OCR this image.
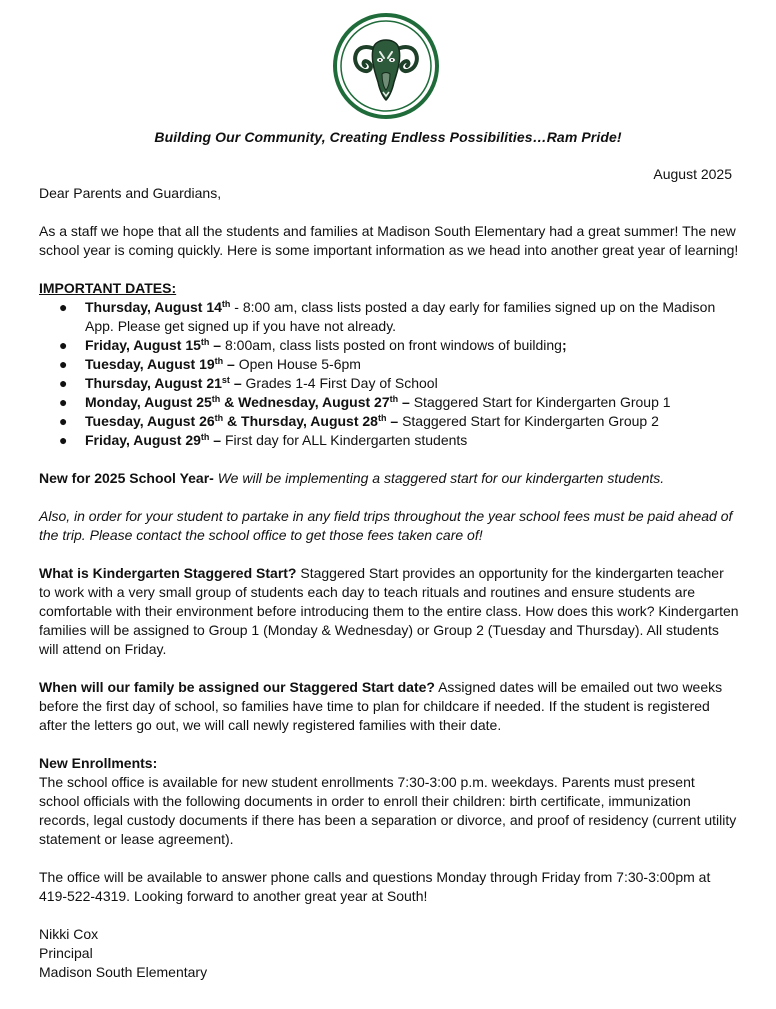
Building Our Community, Creating Endless Possibilities…Ram Pride!
August 2025

Dear Parents and Guardians,

As a staff we hope that all the students and families at Madison South Elementary had a great summer! The new school year is coming quickly. Here is some important information as we head into another great year of learning!

IMPORTANT DATES:

● Thursday, August 14th - 8:00 am, class lists posted a day early for families signed up on the Madison App. Please get signed up if you have not already.
● Friday, August 15th – 8:00am, class lists posted on front windows of building;
● Tuesday, August 19th – Open House 5-6pm
● Thursday, August 21st – Grades 1-4 First Day of School
● Monday, August 25th & Wednesday, August 27th – Staggered Start for Kindergarten Group 1
● Tuesday, August 26th & Thursday, August 28th – Staggered Start for Kindergarten Group 2
● Friday, August 29th – First day for ALL Kindergarten students

New for 2025 School Year- We will be implementing a staggered start for our kindergarten students.

Also, in order for your student to partake in any field trips throughout the year school fees must be paid ahead of the trip. Please contact the school office to get those fees taken care of!

What is Kindergarten Staggered Start? Staggered Start provides an opportunity for the kindergarten teacher to work with a very small group of students each day to teach rituals and routines and ensure students are comfortable with their environment before introducing them to the entire class. How does this work? Kindergarten families will be assigned to Group 1 (Monday & Wednesday) or Group 2 (Tuesday and Thursday). All students will attend on Friday.

When will our family be assigned our Staggered Start date? Assigned dates will be emailed out two weeks before the first day of school, so families have time to plan for childcare if needed. If the student is registered after the letters go out, we will call newly registered families with their date.

New Enrollments:

The school office is available for new student enrollments 7:30-3:00 p.m. weekdays. Parents must present school officials with the following documents in order to enroll their children: birth certificate, immunization records, legal custody documents if there has been a separation or divorce, and proof of residency (current utility statement or lease agreement).

The office will be available to answer phone calls and questions Monday through Friday from 7:30-3:00pm at 419-522-4319. Looking forward to another great year at South!

Nikki Cox

Principal

Madison South Elementary
